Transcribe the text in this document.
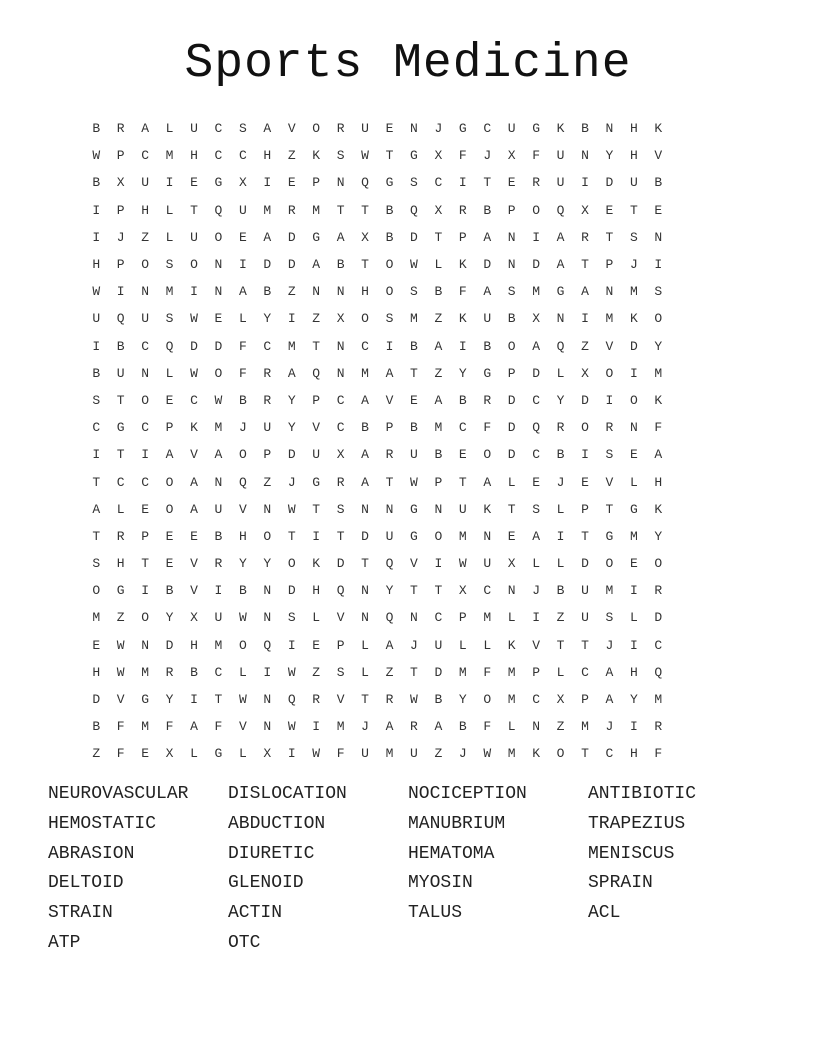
Sports Medicine
B	R	A	L	U	C	S	A	V	O	R	U	E	N	J	G	C	U	G	K	B	N	H	K
W	P	C	M	H	C	C	H	Z	K	S	W	T	G	X	F	J	X	F	U	N	Y	H	V
B	X	U	I	E	G	X	I	E	P	N	Q	G	S	C	I	T	E	R	U	I	D	U	B
I	P	H	L	T	Q	U	M	R	M	T	T	B	Q	X	R	B	P	O	Q	X	E	T	E
I	J	Z	L	U	O	E	A	D	G	A	X	B	D	T	P	A	N	I	A	R	T	S	N
H	P	O	S	O	N	I	D	D	A	B	T	O	W	L	K	D	N	D	A	T	P	J	I
W	I	N	M	I	N	A	B	Z	N	N	H	O	S	B	F	A	S	M	G	A	N	M	S
U	Q	U	S	W	E	L	Y	I	Z	X	O	S	M	Z	K	U	B	X	N	I	M	K	O
I	B	C	Q	D	D	F	C	M	T	N	C	I	B	A	I	B	O	A	Q	Z	V	D	Y
B	U	N	L	W	O	F	R	A	Q	N	M	A	T	Z	Y	G	P	D	L	X	O	I	M
S	T	O	E	C	W	B	R	Y	P	C	A	V	E	A	B	R	D	C	Y	D	I	O	K
C	G	C	P	K	M	J	U	Y	V	C	B	P	B	M	C	F	D	Q	R	O	R	N	F
I	T	I	A	V	A	O	P	D	U	X	A	R	U	B	E	O	D	C	B	I	S	E	A
T	C	C	O	A	N	Q	Z	J	G	R	A	T	W	P	T	A	L	E	J	E	V	L	H
A	L	E	O	A	U	V	N	W	T	S	N	N	G	N	U	K	T	S	L	P	T	G	K
T	R	P	E	E	B	H	O	T	I	T	D	U	G	O	M	N	E	A	I	T	G	M	Y
S	H	T	E	V	R	Y	Y	O	K	D	T	Q	V	I	W	U	X	L	L	D	O	E	O
O	G	I	B	V	I	B	N	D	H	Q	N	Y	T	T	X	C	N	J	B	U	M	I	R
M	Z	O	Y	X	U	W	N	S	L	V	N	Q	N	C	P	M	L	I	Z	U	S	L	D
E	W	N	D	H	M	O	Q	I	E	P	L	A	J	U	L	L	K	V	T	T	J	I	C
H	W	M	R	B	C	L	I	W	Z	S	L	Z	T	D	M	F	M	P	L	C	A	H	Q
D	V	G	Y	I	T	W	N	Q	R	V	T	R	W	B	Y	O	M	C	X	P	A	Y	M
B	F	M	F	A	F	V	N	W	I	M	J	A	R	A	B	F	L	N	Z	M	J	I	R
Z	F	E	X	L	G	L	X	I	W	F	U	M	U	Z	J	W	M	K	O	T	C	H	F
NEUROVASCULAR	DISLOCATION	NOCICEPTION	ANTIBIOTIC
HEMOSTATIC	ABDUCTION	MANUBRIUM	TRAPEZIUS
ABRASION	DIURETIC	HEMATOMA	MENISCUS
DELTOID	GLENOID	MYOSIN	SPRAIN
STRAIN	ACTIN	TALUS	ACL
ATP	OTC
